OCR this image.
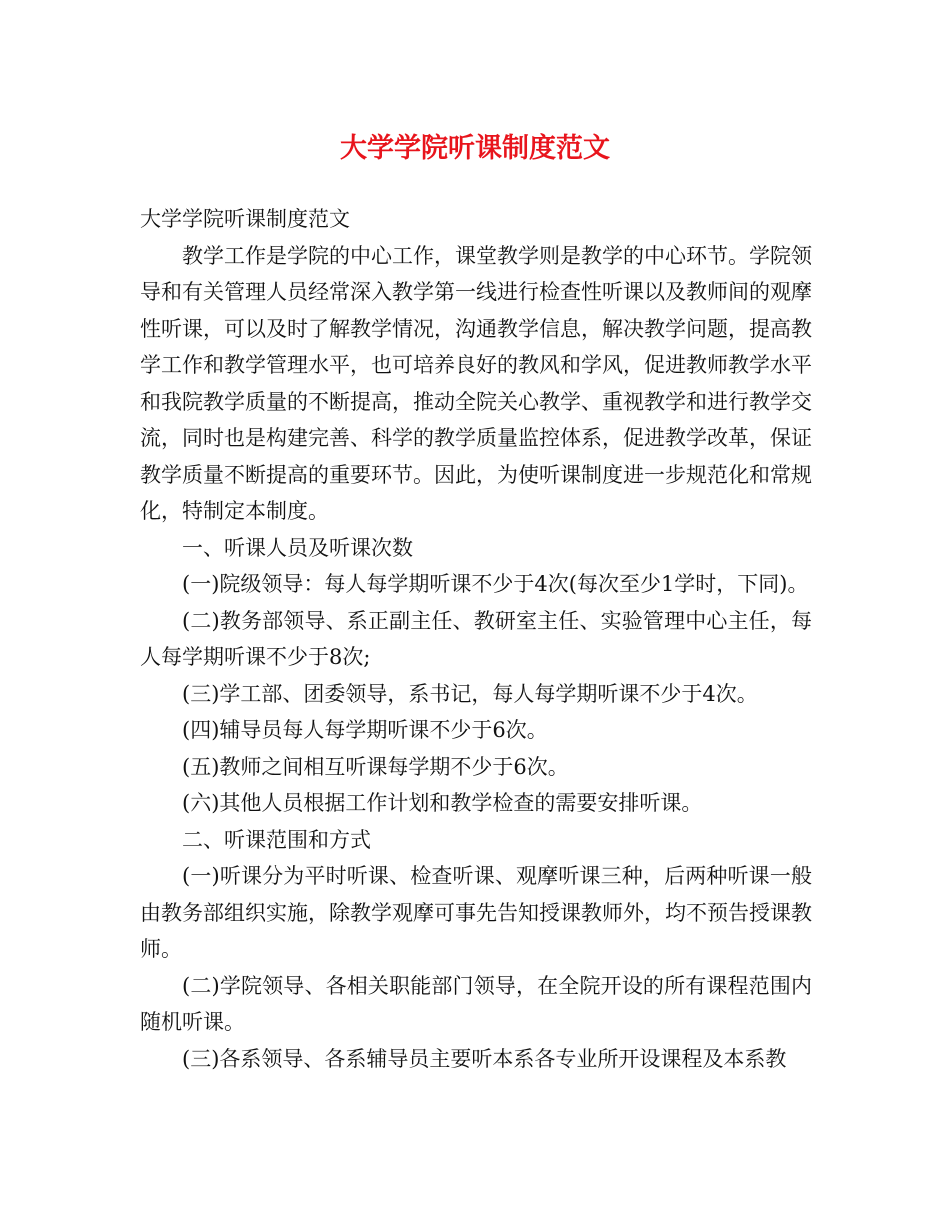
大学学院听课制度范文

大学学院听课制度范文

教学工作是学院的中心工作，课堂教学则是教学的中心环节。学院领导和有关管理人员经常深入教学第一线进行检查性听课以及教师间的观摩性听课，可以及时了解教学情况，沟通教学信息，解决教学问题，提高教学工作和教学管理水平，也可培养良好的教风和学风，促进教师教学水平和我院教学质量的不断提高，推动全院关心教学、重视教学和进行教学交流，同时也是构建完善、科学的教学质量监控体系，促进教学改革，保证教学质量不断提高的重要环节。因此，为使听课制度进一步规范化和常规化，特制定本制度。

一、听课人员及听课次数

(一)院级领导：每人每学期听课不少于4次(每次至少1学时，下同)。

(二)教务部领导、系正副主任、教研室主任、实验管理中心主任，每人每学期听课不少于8次;

(三)学工部、团委领导，系书记，每人每学期听课不少于4次。

(四)辅导员每人每学期听课不少于6次。

(五)教师之间相互听课每学期不少于6次。

(六)其他人员根据工作计划和教学检查的需要安排听课。

二、听课范围和方式

(一)听课分为平时听课、检查听课、观摩听课三种，后两种听课一般由教务部组织实施，除教学观摩可事先告知授课教师外，均不预告授课教师。

(二)学院领导、各相关职能部门领导，在全院开设的所有课程范围内随机听课。

(三)各系领导、各系辅导员主要听本系各专业所开设课程及本系教
